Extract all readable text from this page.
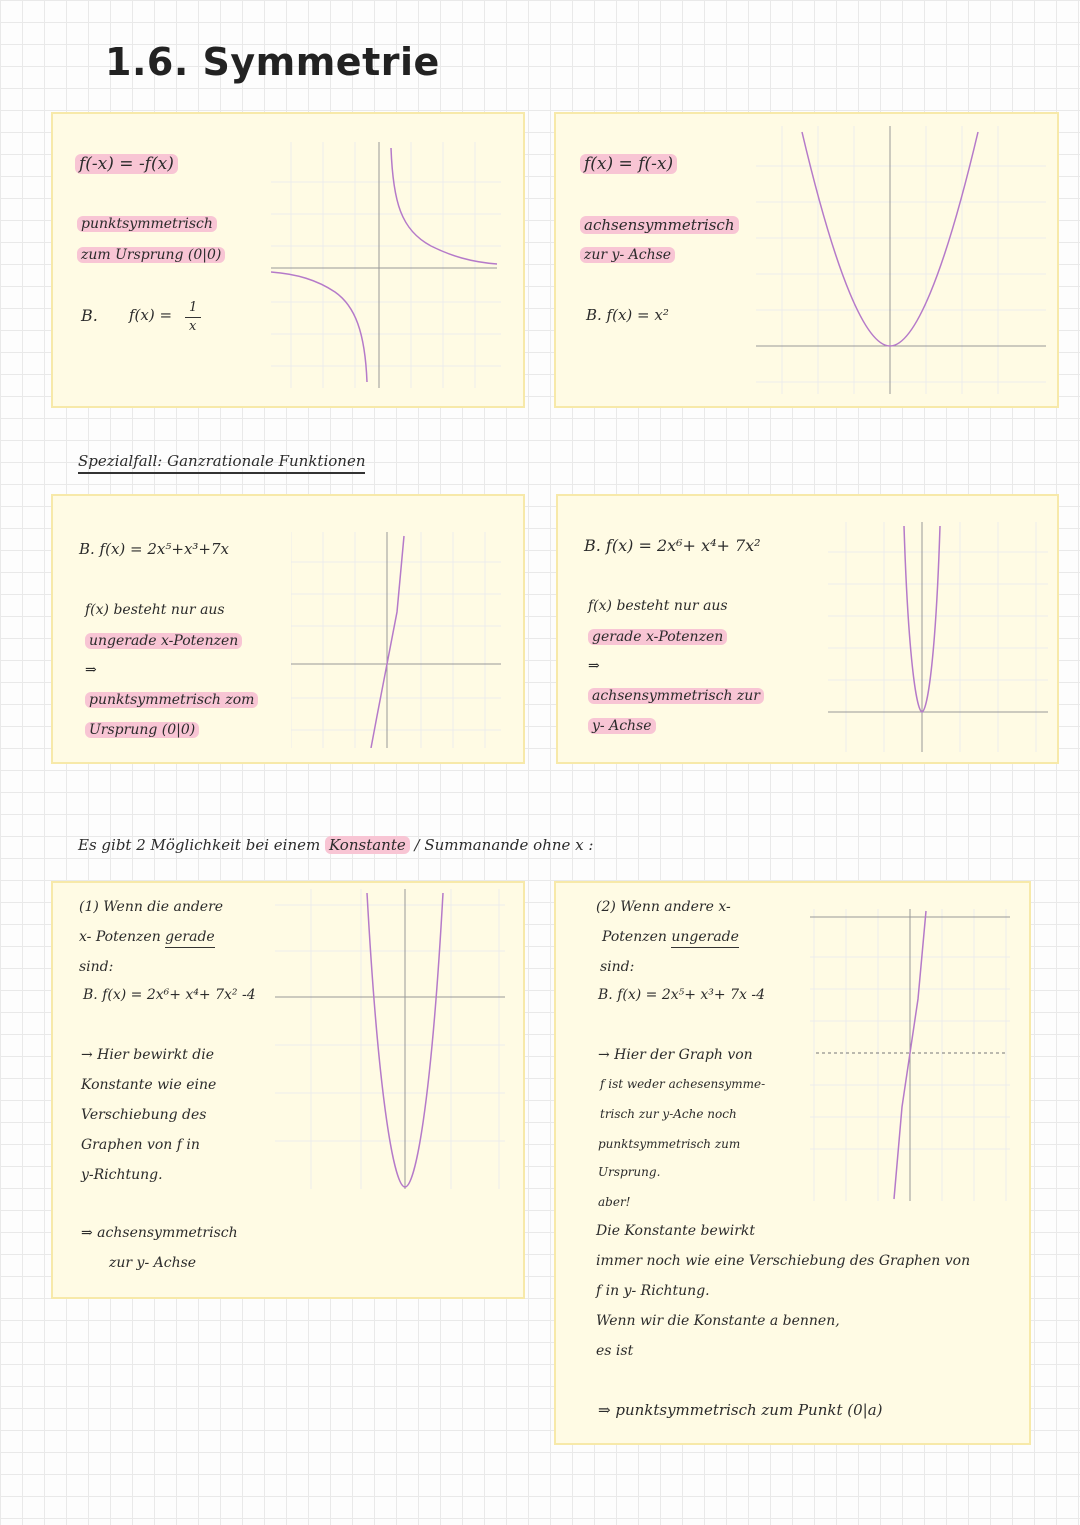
1.6. Symmetrie
f(-x) = -f(x)
punktsymmetrisch
zum Ursprung (0|0)
B. f(x) = 1
x
f(x) = f(-x)
achsensymmetrisch
zur y- Achse
B. f(x) = x²
Spezialfall: Ganzrationale Funktionen
B. f(x) = 2x⁵+x³+7x
f(x) besteht nur aus
ungerade x-Potenzen
⇒
punktsymmetrisch zom
Ursprung (0|0)
B. f(x) = 2x⁶+ x⁴+ 7x²
f(x) besteht nur aus
gerade x-Potenzen
⇒
achsensymmetrisch zur
y- Achse
Es gibt 2 Möglichkeit bei einem Konstante / Summanande ohne x :
(1) Wenn die andere
x- Potenzen gerade
sind:
B. f(x) = 2x⁶+ x⁴+ 7x² -4
→ Hier bewirkt die
Konstante wie eine
Verschiebung des
Graphen von f in
y-Richtung.
⇒ achsensymmetrisch
zur y- Achse
(2) Wenn andere x-
Potenzen ungerade
sind:
B. f(x) = 2x⁵+ x³+ 7x -4
→ Hier der Graph von
f ist weder achesensymme-
trisch zur y-Ache noch
punktsymmetrisch zum
Ursprung.
aber!
Die Konstante bewirkt
immer noch wie eine Verschiebung des Graphen von
f in y- Richtung.
Wenn wir die Konstante a bennen,
es ist
⇒ punktsymmetrisch zum Punkt (0|a)
